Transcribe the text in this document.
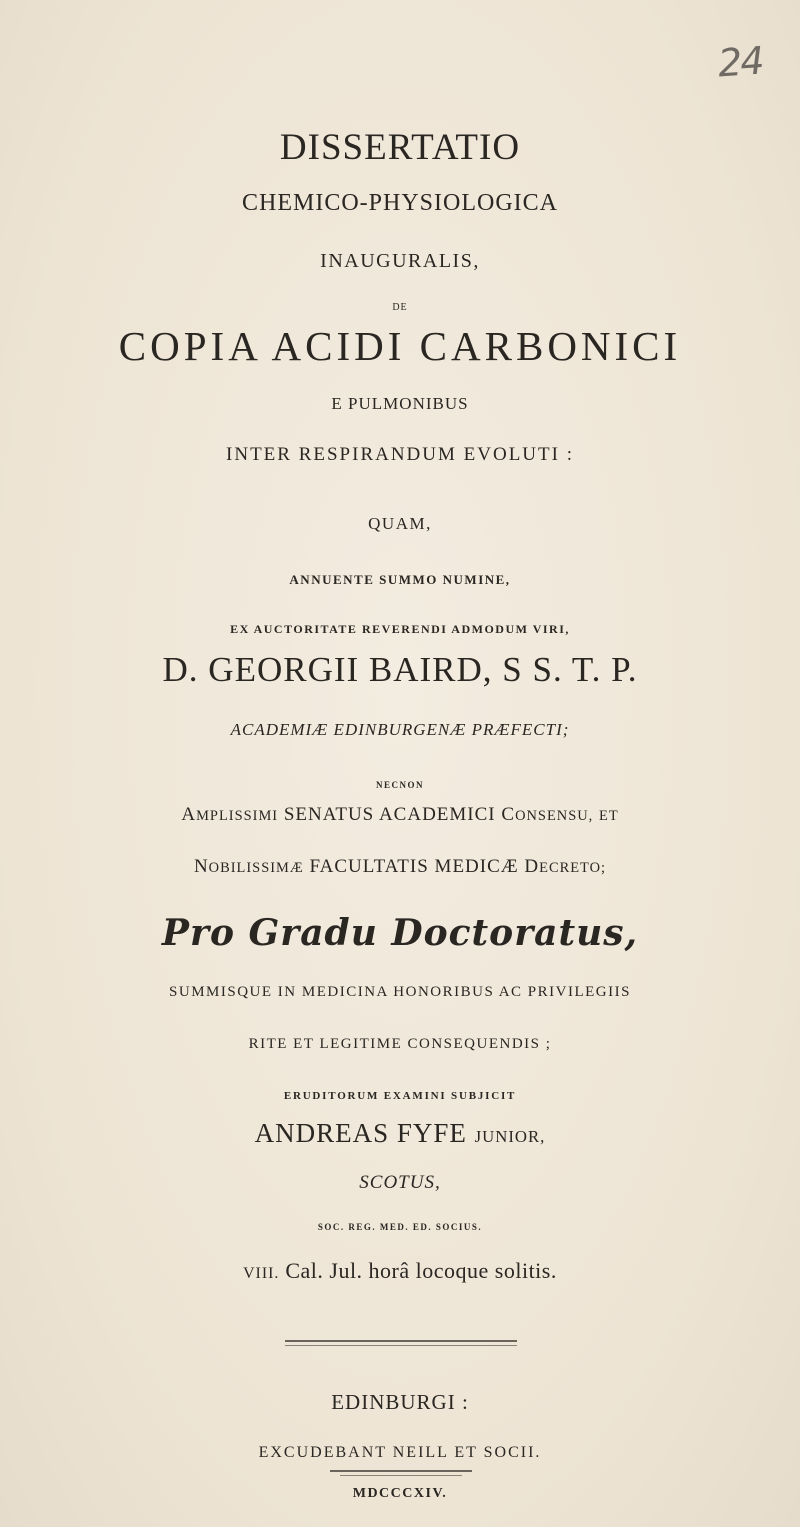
24
DISSERTATIO
CHEMICO-PHYSIOLOGICA
INAUGURALIS,
DE
COPIA ACIDI CARBONICI
E PULMONIBUS
INTER RESPIRANDUM EVOLUTI :
QUAM,
ANNUENTE SUMMO NUMINE,
EX AUCTORITATE REVERENDI ADMODUM VIRI,
D. GEORGII BAIRD, S S. T. P.
ACADEMIÆ EDINBURGENÆ PRÆFECTI;
NECNON
AMPLISSIMI SENATUS ACADEMICI CONSENSU, ET
NOBILISSIMÆ FACULTATIS MEDICÆ DECRETO;
Pro Gradu Doctoratus,
SUMMISQUE IN MEDICINA HONORIBUS AC PRIVILEGIIS
RITE ET LEGITIME CONSEQUENDIS ;
ERUDITORUM EXAMINI SUBJICIT
ANDREAS FYFE JUNIOR,
SCOTUS,
SOC. REG. MED. ED. SOCIUS.
VIII. Cal. Jul. horâ locoque solitis.
EDINBURGI :
EXCUDEBANT NEILL ET SOCII.
MDCCCXIV.
